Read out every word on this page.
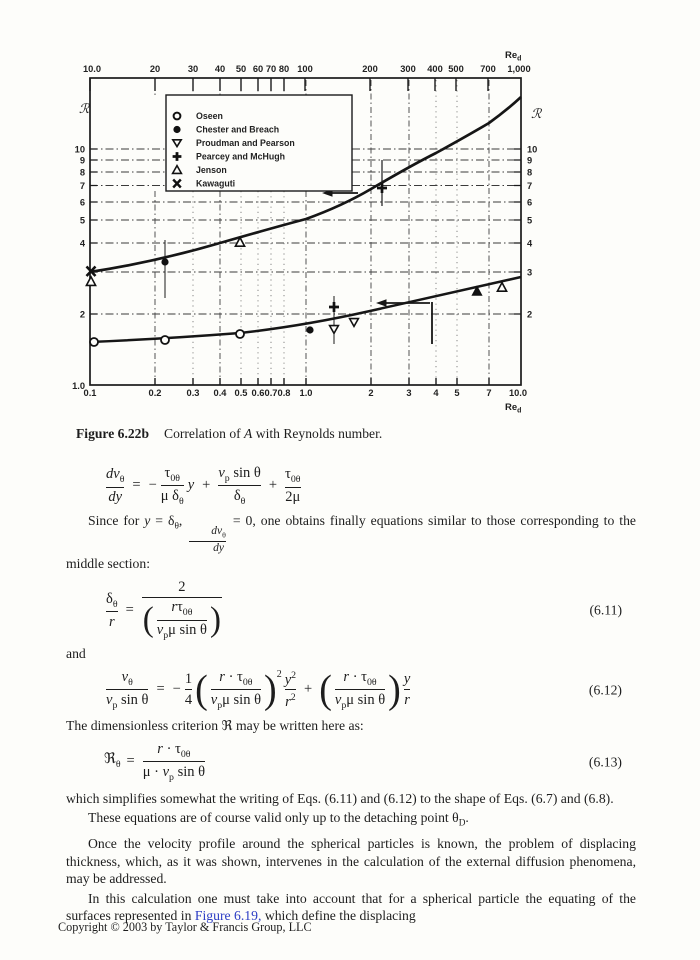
Oseen
Chester and Breach
Proudman and Pearson
Pearcey and McHugh
Jenson
Kawaguti
10.0	20	30 40 50 60 70 80 100	200 300 400 500 700 1,000
0.1	0.2	0.3 0.4 0.5 0.6 0.7 0.8 1.0	2	3 4 5	7 10.0
10
9
8
7
6
5
4
2
1.0
10
9
8
7
6
5
4
3
2
ℛ	ℛ
$Re_d$
$Re_d$
Figure 6.22b Correlation of A with Reynolds number.
$\frac{dv_\theta}{dy}$ = − $\frac{\tau_{0\theta}}{\mu \delta_\theta}$ $y + \frac{v_p \sin \theta}{\delta_\theta} + \frac{\tau_{0\theta}}{2\mu}$

Since for $y = \delta_\theta$,
$\frac{dv_\theta}{dy}$
= 0, one obtains finally equations similar to those corresponding to the middle section:

$\frac{\delta_\theta}{r} = \frac{2}{( \frac{r\tau_{0\theta}}{v_p\mu \sin \theta} )}$	(6.11)

and

$\frac{v_\theta}{v_p \sin \theta}$ = − $\frac{1}{4}$ ( $\frac{r \cdot \tau_{0\theta}}{v_p\mu \sin \theta}$ ) $2 \frac{y^2}{r^2}$ + ( $\frac{r \cdot \tau_{0\theta}}{v_p\mu \sin \theta}$ ) $\frac{y}{r}$	(6.12)

The dimensionless criterion ℜ may be written here as:

ℜ$_\theta$ = $\frac{r \cdot \tau_{0\theta}}{\mu \cdot v_p \sin \theta}$	(6.13)

which simplifies somewhat the writing of Eqs. (6.11) and (6.12) to the shape of Eqs. (6.7) and (6.8).

These equations are of course valid only up to the detaching point $\theta_D$.

Once the velocity profile around the spherical particles is known, the problem of displacing thickness, which, as it was shown, intervenes in the calculation of the external diffusion phenomena, may be addressed.

In this calculation one must take into account that for a spherical particle the equating of the surfaces represented in Figure 6.19, which define the displacing

Copyright © 2003 by Taylor & Francis Group, LLC
